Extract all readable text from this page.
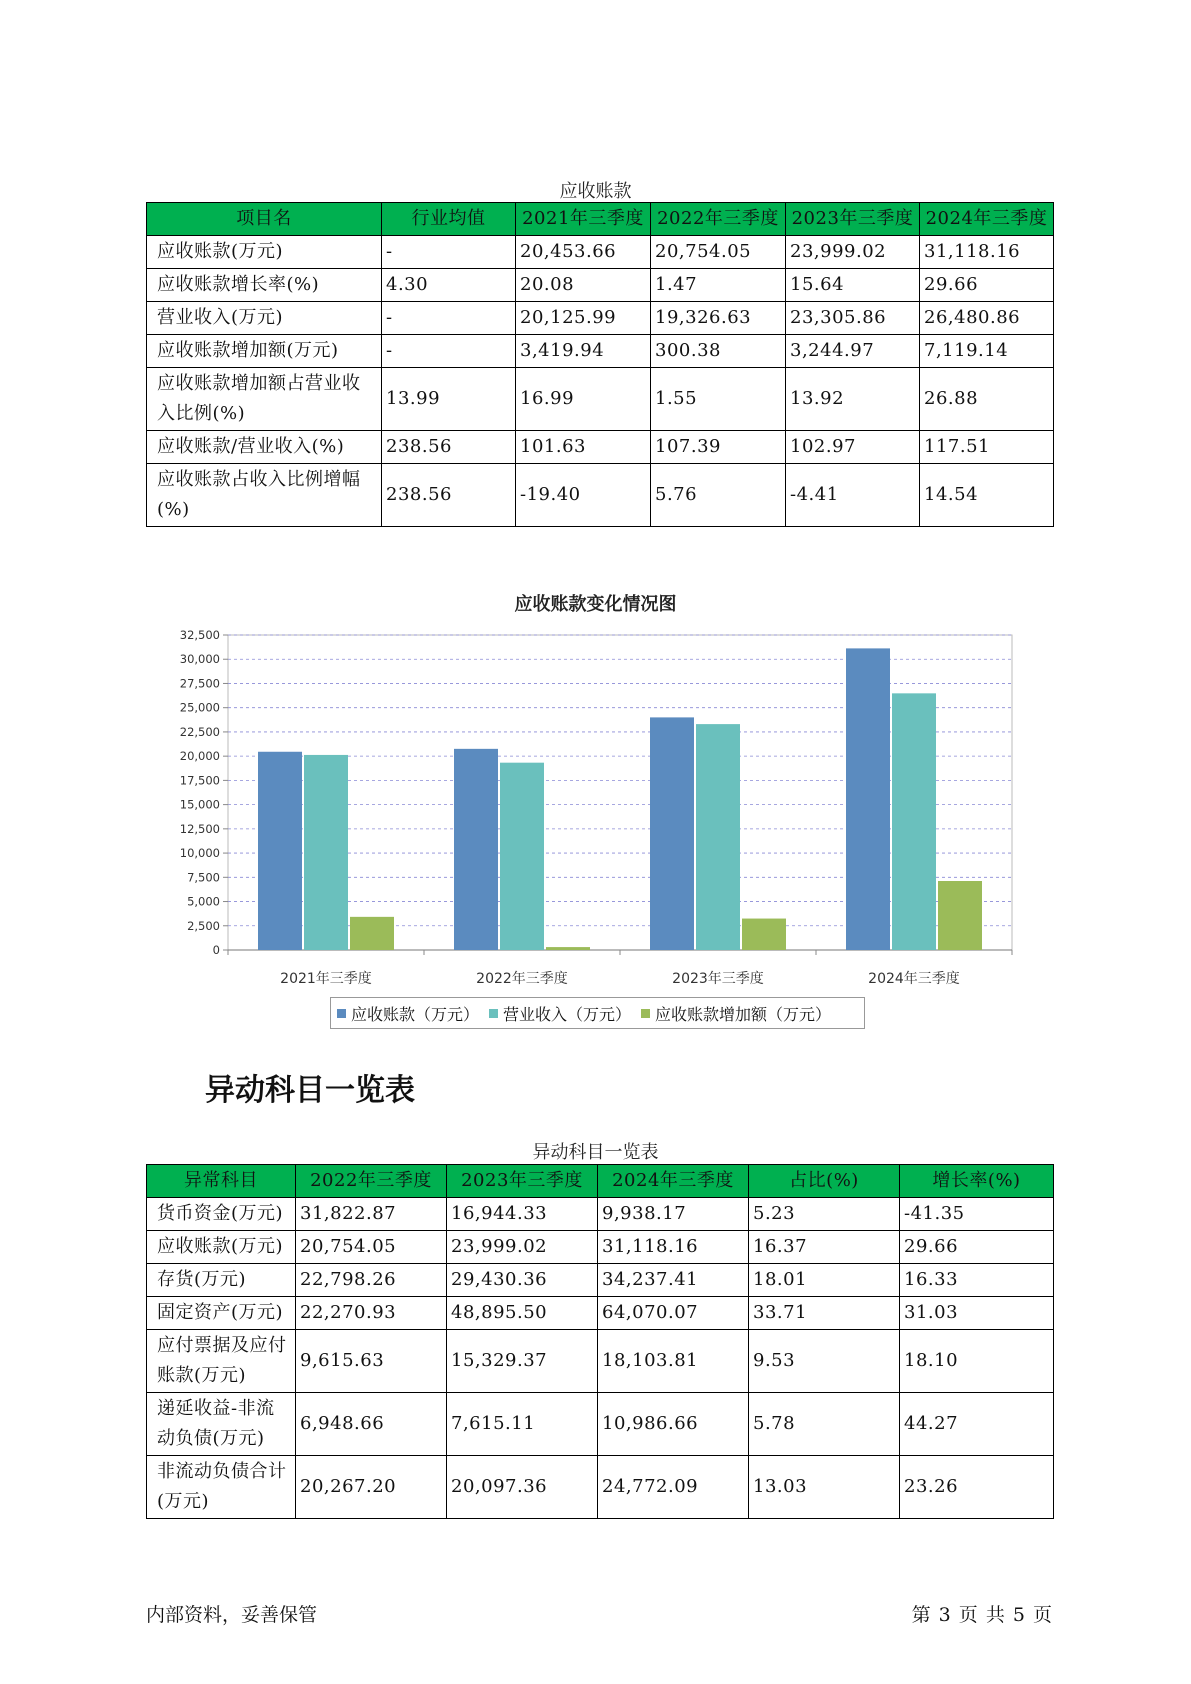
应收账款
项目名	行业均值	2021年三季度	2022年三季度	2023年三季度	2024年三季度
应收账款(万元)	-	20,453.66	20,754.05	23,999.02	31,118.16
应收账款增长率(%)	4.30	20.08	1.47	15.64	29.66
营业收入(万元)	-	20,125.99	19,326.63	23,305.86	26,480.86
应收账款增加额(万元)	-	3,419.94	300.38	3,244.97	7,119.14
应收账款增加额占营业收入比例(%)	13.99	16.99	1.55	13.92	26.88
应收账款/营业收入(%)	238.56	101.63	107.39	102.97	117.51
应收账款占收入比例增幅(%)	238.56	-19.40	5.76	-4.41	14.54
应收账款变化情况图
0
2,500
5,000
7,500
10,000
12,500
15,000
17,500
20,000
22,500
25,000
27,500
30,000
32,500
2021年三季度	2022年三季度	2023年三季度	2024年三季度
应收账款（万元） 营业收入（万元） 应收账款增加额（万元）
异动科目一览表
异动科目一览表
异常科目	2022年三季度	2023年三季度	2024年三季度	占比(%)	增长率(%)
货币资金(万元)	31,822.87	16,944.33	9,938.17	5.23	-41.35
应收账款(万元)	20,754.05	23,999.02	31,118.16	16.37	29.66
存货(万元)	22,798.26	29,430.36	34,237.41	18.01	16.33
固定资产(万元)	22,270.93	48,895.50	64,070.07	33.71	31.03
应付票据及应付账款(万元)	9,615.63	15,329.37	18,103.81	9.53	18.10
递延收益-非流动负债(万元)	6,948.66	7,615.11	10,986.66	5.78	44.27
非流动负债合计(万元)	20,267.20	20,097.36	24,772.09	13.03	23.26
内部资料，妥善保管	第 3 页 共 5 页
